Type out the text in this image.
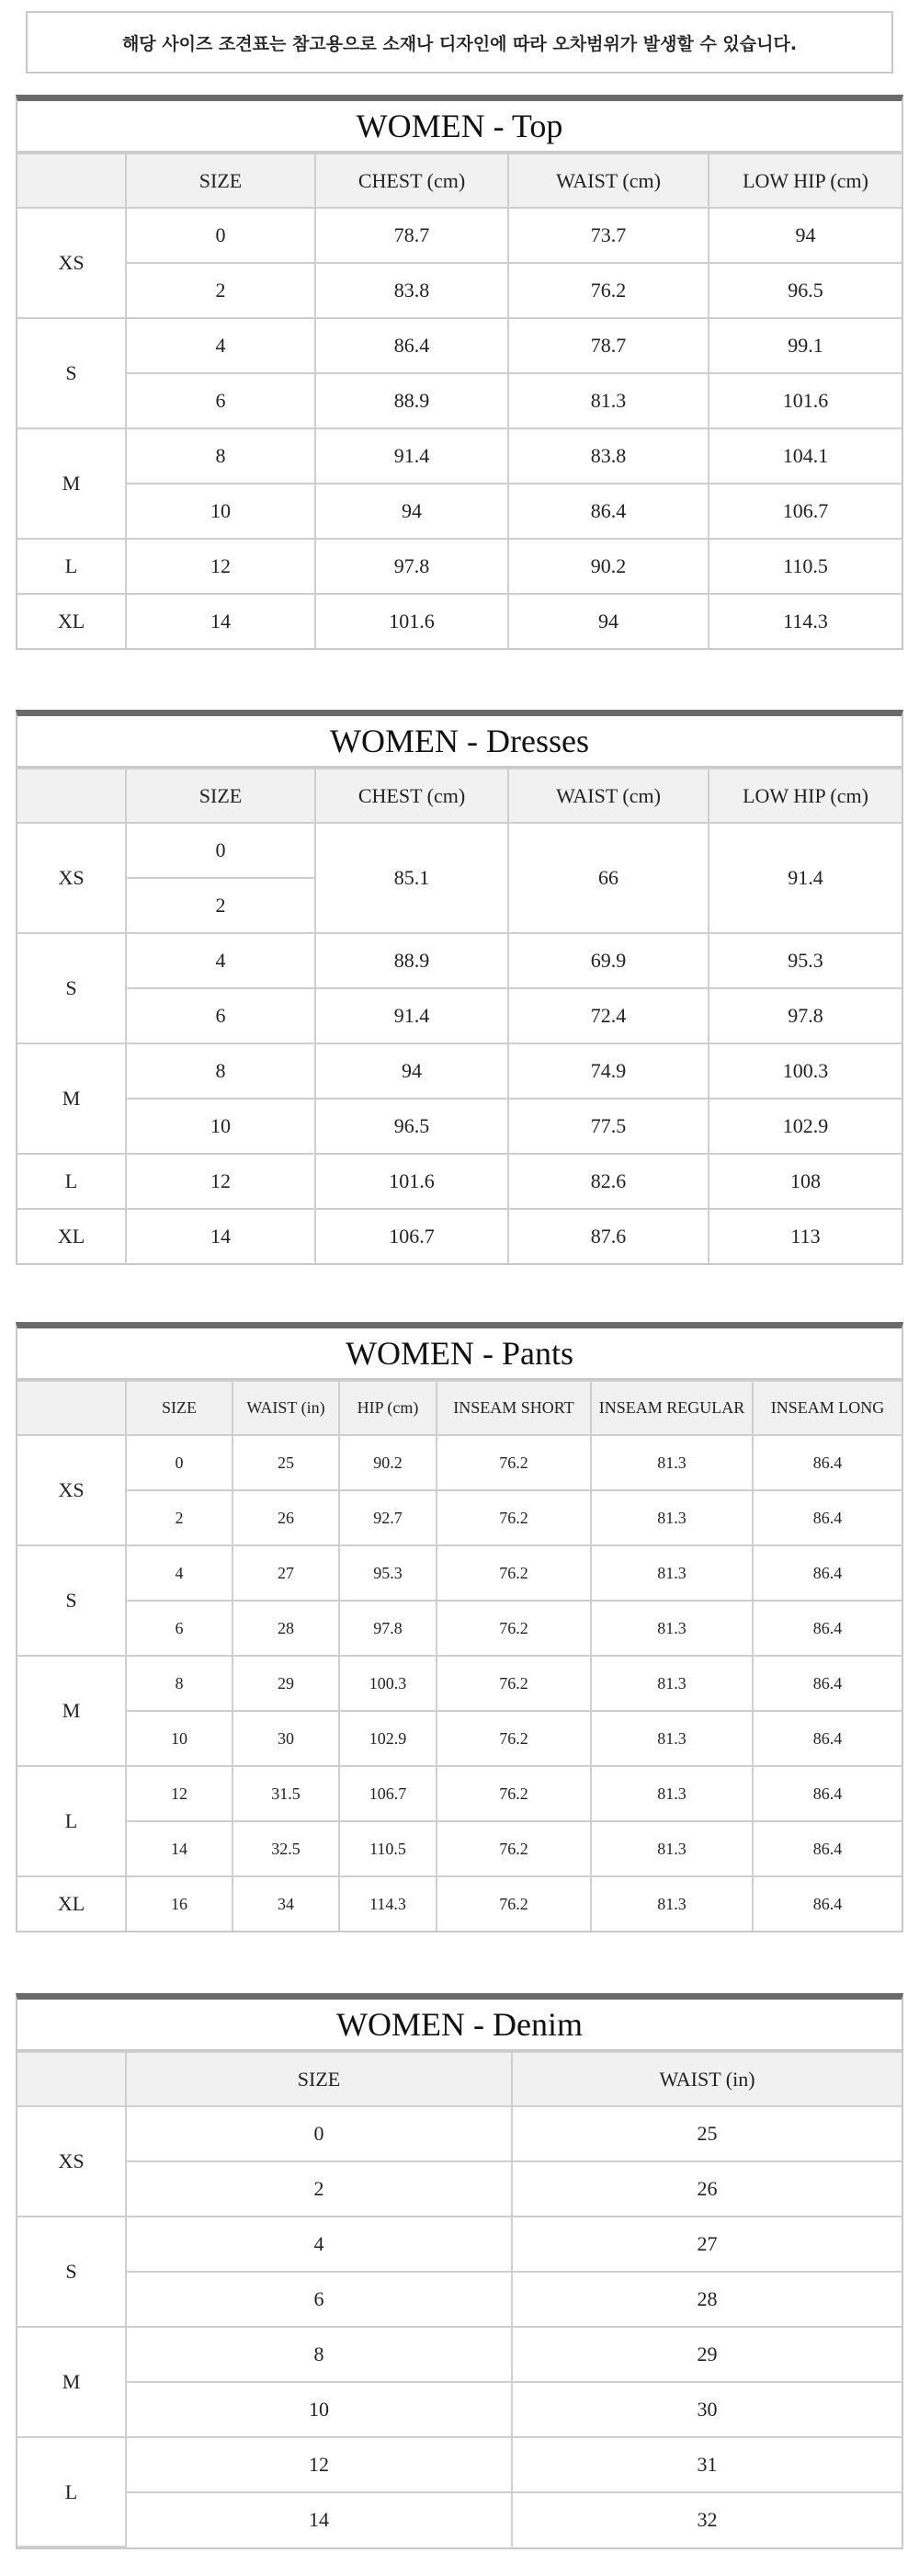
해당 사이즈 조견표는 참고용으로 소재나 디자인에 따라 오차범위가 발생할 수 있습니다.
WOMEN - Top
	SIZE	CHEST (cm)	WAIST (cm)	LOW HIP (cm)
XS	0	78.7	73.7	94
	2	83.8	76.2	96.5
S	4	86.4	78.7	99.1
	6	88.9	81.3	101.6
M	8	91.4	83.8	104.1
	10	94	86.4	106.7
L	12	97.8	90.2	110.5
XL	14	101.6	94	114.3
WOMEN - Dresses
	SIZE	CHEST (cm)	WAIST (cm)	LOW HIP (cm)
XS	0	85.1	66	91.4
	2			
S	4	88.9	69.9	95.3
	6	91.4	72.4	97.8
M	8	94	74.9	100.3
	10	96.5	77.5	102.9
L	12	101.6	82.6	108
XL	14	106.7	87.6	113
WOMEN - Pants
	SIZE	WAIST (in)	HIP (cm)	INSEAM SHORT	INSEAM REGULAR	INSEAM LONG
XS	0	25	90.2	76.2	81.3	86.4
	2	26	92.7	76.2	81.3	86.4
S	4	27	95.3	76.2	81.3	86.4
	6	28	97.8	76.2	81.3	86.4
M	8	29	100.3	76.2	81.3	86.4
	10	30	102.9	76.2	81.3	86.4
L	12	31.5	106.7	76.2	81.3	86.4
	14	32.5	110.5	76.2	81.3	86.4
XL	16	34	114.3	76.2	81.3	86.4
WOMEN - Denim
	SIZE	WAIST (in)
XS	0	25
	2	26
S	4	27
	6	28
M	8	29
	10	30
L	12	31
	14	32
